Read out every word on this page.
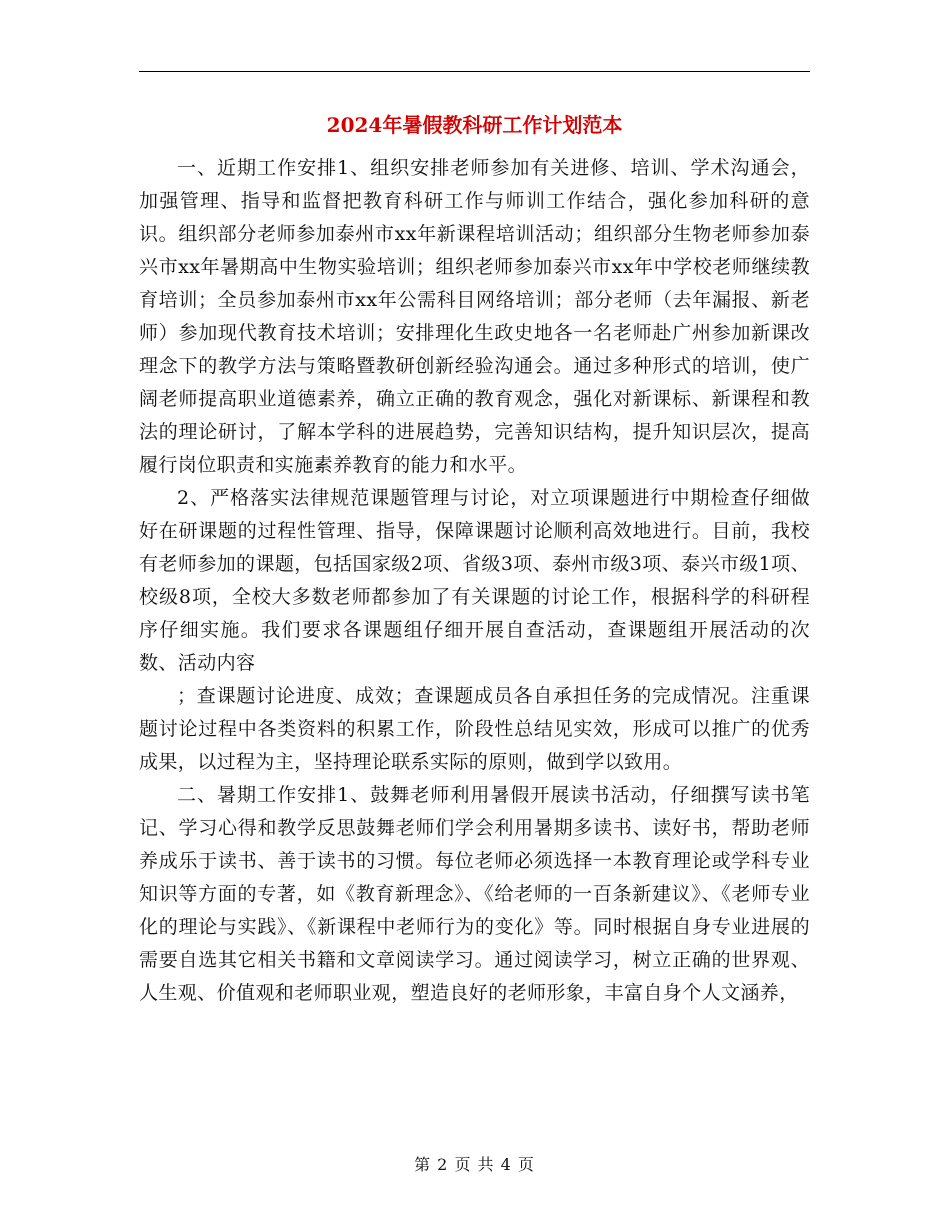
2024年暑假教科研工作计划范本

一、近期工作安排1、组织安排老师参加有关进修、培训、学术沟通会，加强管理、指导和监督把教育科研工作与师训工作结合，强化参加科研的意识。组织部分老师参加泰州市xx年新课程培训活动；组织部分生物老师参加泰兴市xx年暑期高中生物实验培训；组织老师参加泰兴市xx年中学校老师继续教育培训；全员参加泰州市xx年公需科目网络培训；部分老师（去年漏报、新老师）参加现代教育技术培训；安排理化生政史地各一名老师赴广州参加新课改理念下的教学方法与策略暨教研创新经验沟通会。通过多种形式的培训，使广阔老师提高职业道德素养，确立正确的教育观念，强化对新课标、新课程和教法的理论研讨，了解本学科的进展趋势，完善知识结构，提升知识层次，提高履行岗位职责和实施素养教育的能力和水平。

2、严格落实法律规范课题管理与讨论，对立项课题进行中期检查仔细做好在研课题的过程性管理、指导，保障课题讨论顺利高效地进行。目前，我校有老师参加的课题，包括国家级2项、省级3项、泰州市级3项、泰兴市级1项、校级8项，全校大多数老师都参加了有关课题的讨论工作，根据科学的科研程序仔细实施。我们要求各课题组仔细开展自查活动，查课题组开展活动的次数、活动内容

；查课题讨论进度、成效；查课题成员各自承担任务的完成情况。注重课题讨论过程中各类资料的积累工作，阶段性总结见实效，形成可以推广的优秀成果，以过程为主，坚持理论联系实际的原则，做到学以致用。

二、暑期工作安排1、鼓舞老师利用暑假开展读书活动，仔细撰写读书笔记、学习心得和教学反思鼓舞老师们学会利用暑期多读书、读好书，帮助老师养成乐于读书、善于读书的习惯。每位老师必须选择一本教育理论或学科专业知识等方面的专著，如《教育新理念》、《给老师的一百条新建议》、《老师专业化的理论与实践》、《新课程中老师行为的变化》等。同时根据自身专业进展的需要自选其它相关书籍和文章阅读学习。通过阅读学习，树立正确的世界观、人生观、价值观和老师职业观，塑造良好的老师形象，丰富自身个人文涵养，

第 2 页 共 4 页
